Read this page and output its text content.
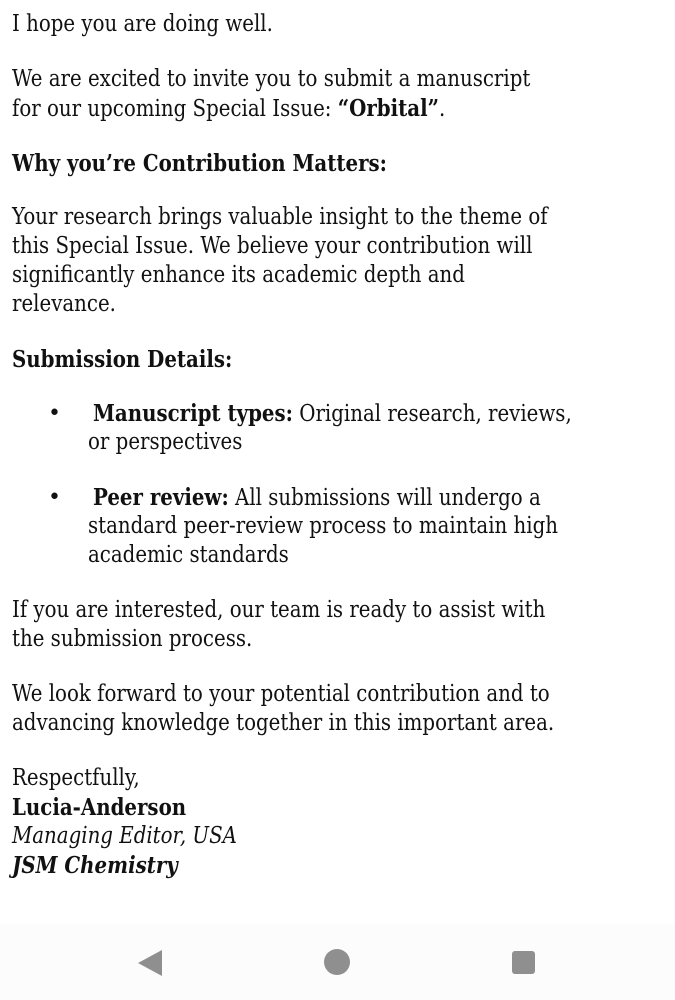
I hope you are doing well.
We are excited to invite you to submit a manuscript
for our upcoming Special Issue: “Orbital”.
Why you’re Contribution Matters:
Your research brings valuable insight to the theme of
this Special Issue. We believe your contribution will
significantly enhance its academic depth and
relevance.
Submission Details:
• Manuscript types: Original research, reviews,
or perspectives
• Peer review: All submissions will undergo a
standard peer-review process to maintain high
academic standards
If you are interested, our team is ready to assist with
the submission process.
We look forward to your potential contribution and to
advancing knowledge together in this important area.
Respectfully,
Lucia-Anderson
Managing Editor, USA
JSM Chemistry
